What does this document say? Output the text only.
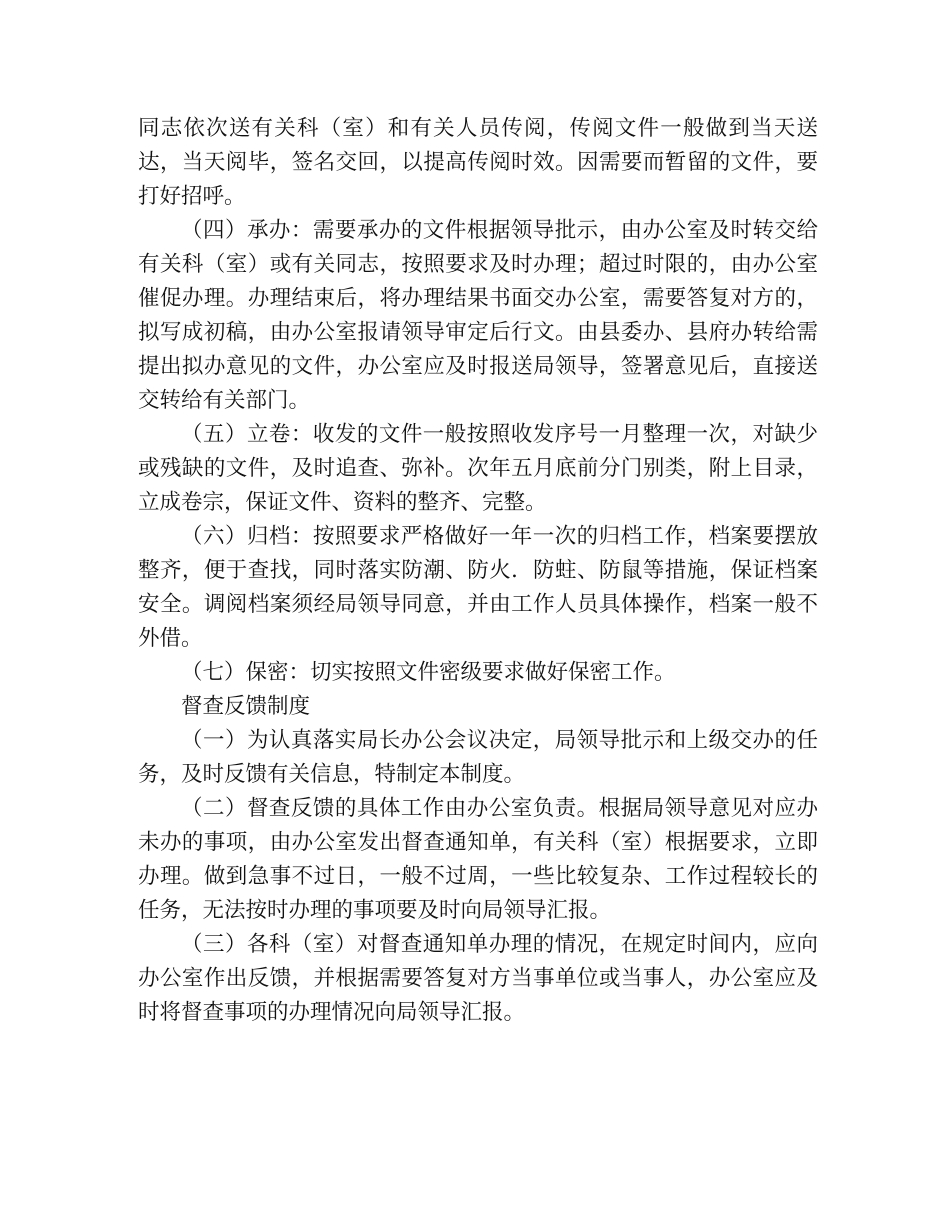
同志依次送有关科（室）和有关人员传阅，传阅文件一般做到当天送达，当天阅毕，签名交回，以提高传阅时效。因需要而暂留的文件，要打好招呼。

（四）承办：需要承办的文件根据领导批示，由办公室及时转交给有关科（室）或有关同志，按照要求及时办理；超过时限的，由办公室催促办理。办理结束后，将办理结果书面交办公室，需要答复对方的，拟写成初稿，由办公室报请领导审定后行文。由县委办、县府办转给需提出拟办意见的文件，办公室应及时报送局领导，签署意见后，直接送交转给有关部门。

（五）立卷：收发的文件一般按照收发序号一月整理一次，对缺少或残缺的文件，及时追查、弥补。次年五月底前分门别类，附上目录，立成卷宗，保证文件、资料的整齐、完整。

（六）归档：按照要求严格做好一年一次的归档工作，档案要摆放整齐，便于查找，同时落实防潮、防火．防蛀、防鼠等措施，保证档案安全。调阅档案须经局领导同意，并由工作人员具体操作，档案一般不外借。

（七）保密：切实按照文件密级要求做好保密工作。

督查反馈制度

（一）为认真落实局长办公会议决定，局领导批示和上级交办的任务，及时反馈有关信息，特制定本制度。

（二）督查反馈的具体工作由办公室负责。根据局领导意见对应办未办的事项，由办公室发出督查通知单，有关科（室）根据要求，立即办理。做到急事不过日，一般不过周，一些比较复杂、工作过程较长的任务，无法按时办理的事项要及时向局领导汇报。

（三）各科（室）对督查通知单办理的情况，在规定时间内，应向办公室作出反馈，并根据需要答复对方当事单位或当事人，办公室应及时将督查事项的办理情况向局领导汇报。
